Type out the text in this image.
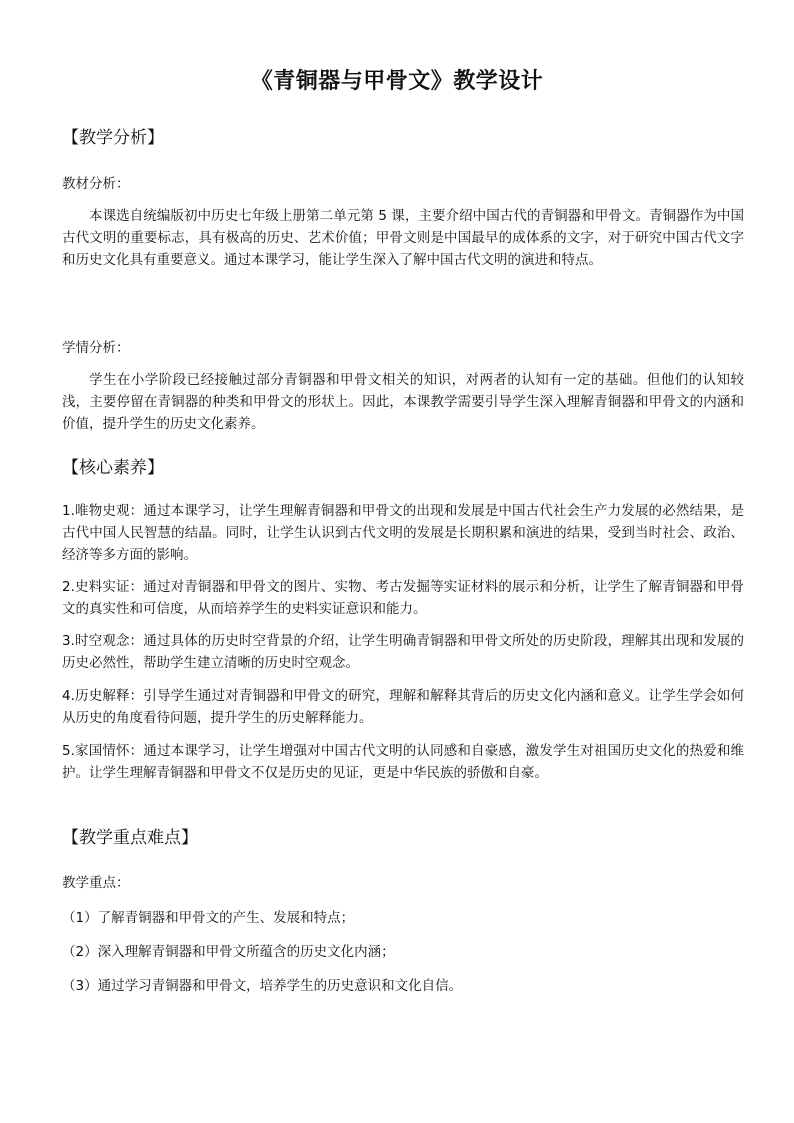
《青铜器与甲骨文》教学设计
【教学分析】
教材分析：

本课选自统编版初中历史七年级上册第二单元第 5 课，主要介绍中国古代的青铜器和甲骨文。青铜器作为中国古代文明的重要标志，具有极高的历史、艺术价值；甲骨文则是中国最早的成体系的文字，对于研究中国古代文字和历史文化具有重要意义。通过本课学习，能让学生深入了解中国古代文明的演进和特点。

学情分析：

学生在小学阶段已经接触过部分青铜器和甲骨文相关的知识，对两者的认知有一定的基础。但他们的认知较浅，主要停留在青铜器的种类和甲骨文的形状上。因此，本课教学需要引导学生深入理解青铜器和甲骨文的内涵和价值，提升学生的历史文化素养。

【核心素养】

1.唯物史观：通过本课学习，让学生理解青铜器和甲骨文的出现和发展是中国古代社会生产力发展的必然结果，是古代中国人民智慧的结晶。同时，让学生认识到古代文明的发展是长期积累和演进的结果，受到当时社会、政治、经济等多方面的影响。

2.史料实证：通过对青铜器和甲骨文的图片、实物、考古发掘等实证材料的展示和分析，让学生了解青铜器和甲骨文的真实性和可信度，从而培养学生的史料实证意识和能力。

3.时空观念：通过具体的历史时空背景的介绍，让学生明确青铜器和甲骨文所处的历史阶段，理解其出现和发展的历史必然性，帮助学生建立清晰的历史时空观念。

4.历史解释：引导学生通过对青铜器和甲骨文的研究，理解和解释其背后的历史文化内涵和意义。让学生学会如何从历史的角度看待问题，提升学生的历史解释能力。

5.家国情怀：通过本课学习，让学生增强对中国古代文明的认同感和自豪感，激发学生对祖国历史文化的热爱和维护。让学生理解青铜器和甲骨文不仅是历史的见证，更是中华民族的骄傲和自豪。

【教学重点难点】
教学重点：
（1）了解青铜器和甲骨文的产生、发展和特点；
（2）深入理解青铜器和甲骨文所蕴含的历史文化内涵；
（3）通过学习青铜器和甲骨文，培养学生的历史意识和文化自信。
